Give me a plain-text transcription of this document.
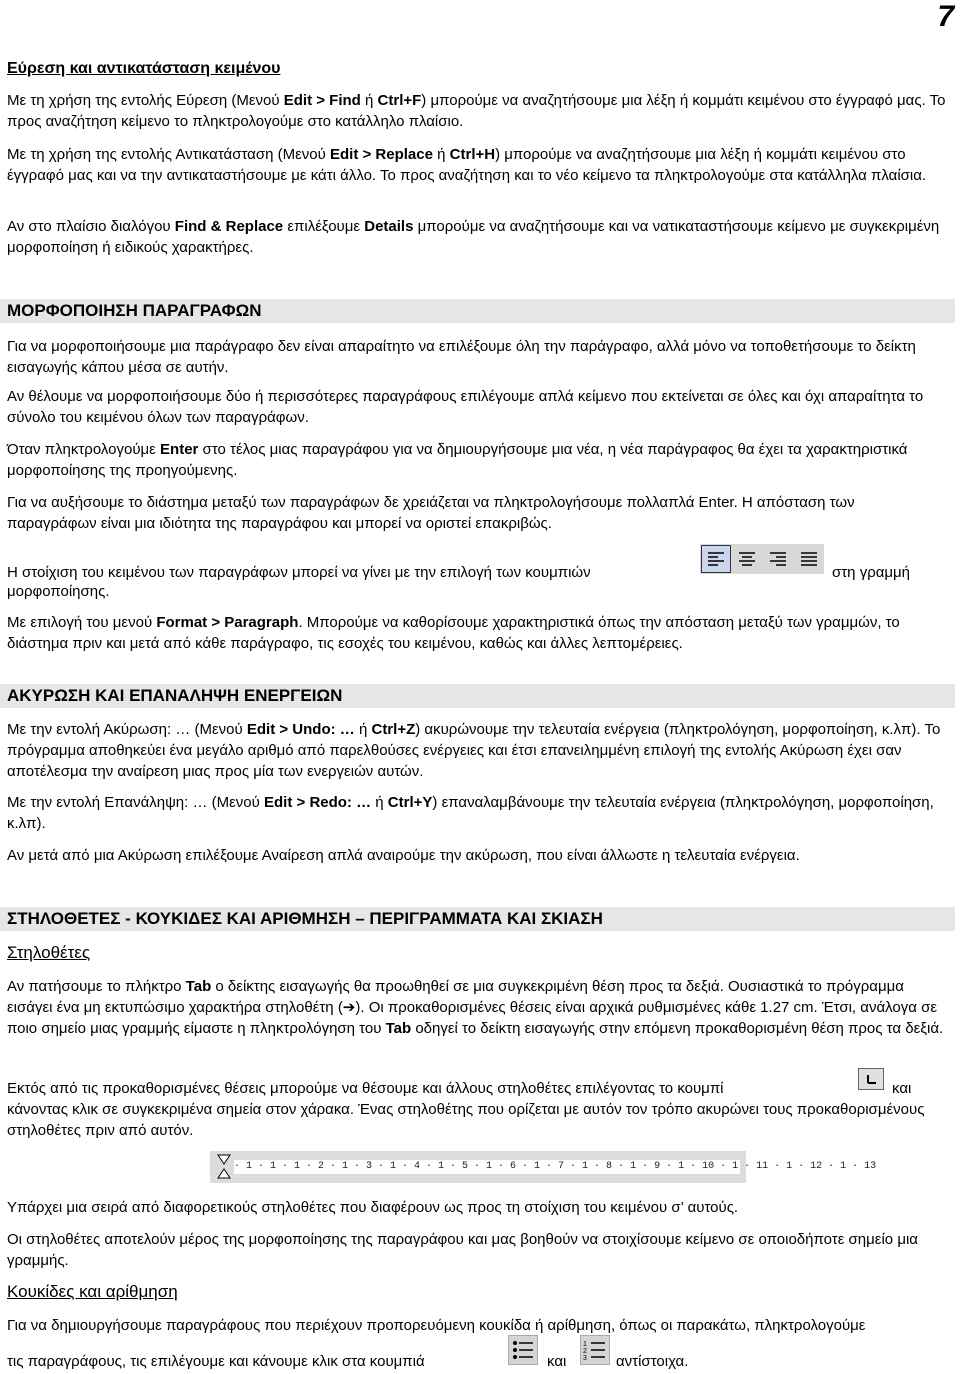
7
Εύρεση και αντικατάσταση κειμένου

Με τη χρήση της εντολής Εύρεση (Μενού Edit > Find ή Ctrl+F) μπορούμε να αναζητήσουμε μια λέξη ή κομμάτι κειμένου στο έγγραφό μας. Το προς αναζήτηση κείμενο το πληκτρολογούμε στο κατάλληλο πλαίσιο.

Με τη χρήση της εντολής Αντικατάσταση (Μενού Edit > Replace ή Ctrl+H) μπορούμε να αναζητήσουμε μια λέξη ή κομμάτι κειμένου στο έγγραφό μας και να την αντικαταστήσουμε με κάτι άλλο. Το προς αναζήτηση και το νέο κείμενο τα πληκτρολογούμε στα κατάλληλα πλαίσια.

Αν στο πλαίσιο διαλόγου Find & Replace επιλέξουμε Details μπορούμε να αναζητήσουμε και να νατικαταστήσουμε κείμενο με συγκεκριμένη μορφοποίηση ή ειδικούς χαρακτήρες.

ΜΟΡΦΟΠΟΙΗΣΗ ΠΑΡΑΓΡΑΦΩΝ

Για να μορφοποιήσουμε μια παράγραφο δεν είναι απαραίτητο να επιλέξουμε όλη την παράγραφο, αλλά μόνο να τοποθετήσουμε το δείκτη εισαγωγής κάπου μέσα σε αυτήν.

Αν θέλουμε να μορφοποιήσουμε δύο ή περισσότερες παραγράφους επιλέγουμε απλά κείμενο που εκτείνεται σε όλες και όχι απαραίτητα το σύνολο του κειμένου όλων των παραγράφων.

Όταν πληκτρολογούμε Enter στο τέλος μιας παραγράφου για να δημιουργήσουμε μια νέα, η νέα παράγραφος θα έχει τα χαρακτηριστικά μορφοποίησης της προηγούμενης.

Για να αυξήσουμε το διάστημα μεταξύ των παραγράφων δε χρειάζεται να πληκτρολογήσουμε πολλαπλά Enter. Η απόσταση των παραγράφων είναι μια ιδιότητα της παραγράφου και μπορεί να οριστεί επακριβώς.

Η στοίχιση του κειμένου των παραγράφων μπορεί να γίνει με την επιλογή των κουμπιών	στη γραμμή
μορφοποίησης.

Με επιλογή του μενού Format > Paragraph. Μπορούμε να καθορίσουμε χαρακτηριστικά όπως την απόσταση μεταξύ των γραμμών, το διάστημα πριν και μετά από κάθε παράγραφο, τις εσοχές του κειμένου, καθώς και άλλες λεπτομέρειες.

ΑΚΥΡΩΣΗ ΚΑΙ ΕΠΑΝΑΛΗΨΗ ΕΝΕΡΓΕΙΩΝ

Με την εντολή Ακύρωση: … (Μενού Edit > Undo: … ή Ctrl+Z) ακυρώνουμε την τελευταία ενέργεια (πληκτρολόγηση, μορφοποίηση, κ.λπ). Το πρόγραμμα αποθηκεύει ένα μεγάλο αριθμό από παρελθούσες ενέργειες και έτσι επανειλημμένη επιλογή της εντολής Ακύρωση έχει σαν αποτέλεσμα την αναίρεση μιας προς μία των ενεργειών αυτών.

Με την εντολή Επανάληψη: … (Μενού Edit > Redo: … ή Ctrl+Y) επαναλαμβάνουμε την τελευταία ενέργεια (πληκτρολόγηση, μορφοποίηση, κ.λπ).

Αν μετά από μια Ακύρωση επιλέξουμε Αναίρεση απλά αναιρούμε την ακύρωση, που είναι άλλωστε η τελευταία ενέργεια.

ΣΤΗΛΟΘΕΤΕΣ - ΚΟΥΚΙΔΕΣ ΚΑΙ ΑΡΙΘΜΗΣΗ – ΠΕΡΙΓΡΑΜΜΑΤΑ ΚΑΙ ΣΚΙΑΣΗ
Στηλοθέτες

Αν πατήσουμε το πλήκτρο Tab ο δείκτης εισαγωγής θα προωθηθεί σε μια συγκεκριμένη θέση προς τα δεξιά. Ουσιαστικά το πρόγραμμα εισάγει ένα μη εκτυπώσιμο χαρακτήρα στηλοθέτη (➔). Οι προκαθορισμένες θέσεις είναι αρχικά ρυθμισμένες κάθε 1.27 cm. Έτσι, ανάλογα σε ποιο σημείο μιας γραμμής είμαστε η πληκτρολόγηση του Tab οδηγεί το δείκτη εισαγωγής στην επόμενη προκαθορισμένη θέση προς τα δεξιά.

Εκτός από τις προκαθορισμένες θέσεις μπορούμε να θέσουμε και άλλους στηλοθέτες επιλέγοντας το κουμπί	και
κάνοντας κλικ σε συγκεκριμένα σημεία στον χάρακα. Ένας στηλοθέτης που ορίζεται με αυτόν τον τρόπο ακυρώνει τους προκαθορισμένους στηλοθέτες πριν από αυτόν.
· 1 · 1 · 1 · 2 · 1 · 3 · 1 · 4 · 1 · 5 · 1 · 6 · 1 · 7 · 1 · 8 · 1 · 9 · 1 · 10 · 1 · 11 · 1 · 12 · 1 · 13

Υπάρχει μια σειρά από διαφορετικούς στηλοθέτες που διαφέρουν ως προς τη στοίχιση του κειμένου σ’ αυτούς.

Οι στηλοθέτες αποτελούν μέρος της μορφοποίησης της παραγράφου και μας βοηθούν να στοιχίσουμε κείμενο σε οποιοδήποτε σημείο μια γραμμής.

Κουκίδες και αρίθμηση
Για να δημιουργήσουμε παραγράφους που περιέχουν προπορευόμενη κουκίδα ή αρίθμηση, όπως οι παρακάτω, πληκτρολογούμε
τις παραγράφους, τις επιλέγουμε και κάνουμε κλικ στα κουμπιά	και
1
2
3 αντίστοιχα.
